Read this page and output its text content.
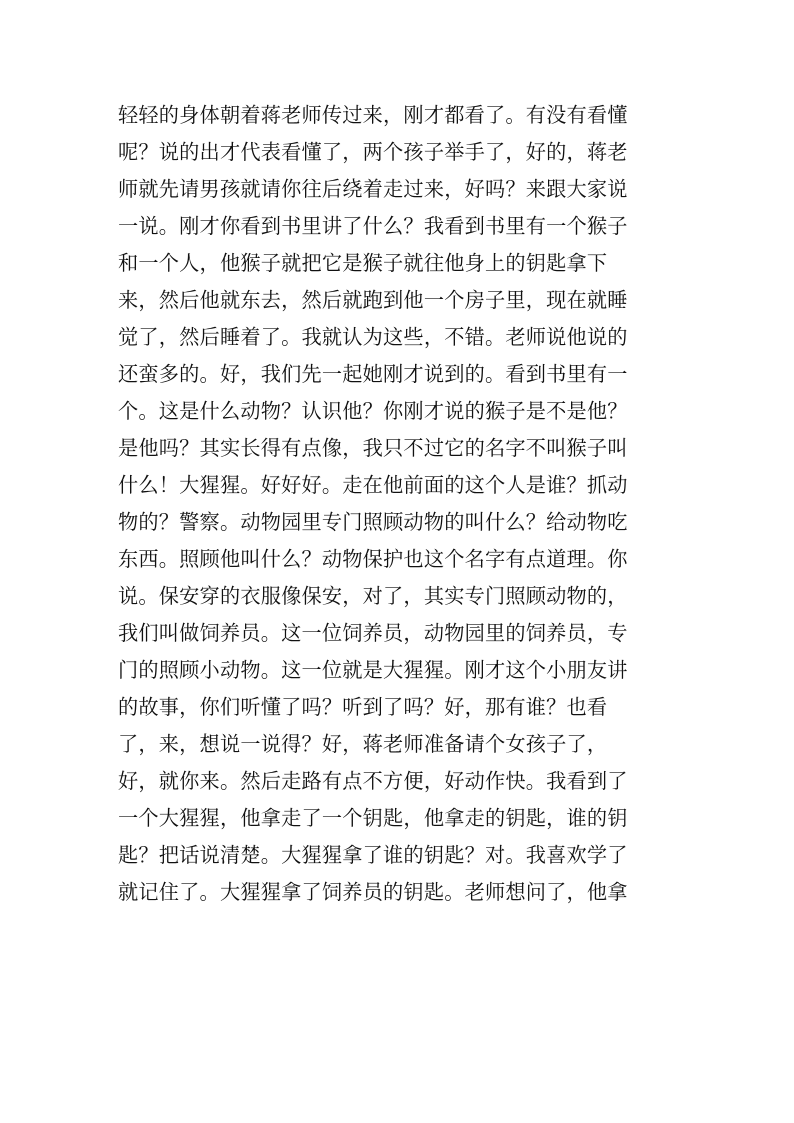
轻轻的身体朝着蒋老师传过来，刚才都看了。有没有看懂
呢？说的出才代表看懂了，两个孩子举手了，好的，蒋老
师就先请男孩就请你往后绕着走过来，好吗？来跟大家说
一说。刚才你看到书里讲了什么？我看到书里有一个猴子
和一个人，他猴子就把它是猴子就往他身上的钥匙拿下
来，然后他就东去，然后就跑到他一个房子里，现在就睡
觉了，然后睡着了。我就认为这些，不错。老师说他说的
还蛮多的。好，我们先一起她刚才说到的。看到书里有一
个。这是什么动物？认识他？你刚才说的猴子是不是他？
是他吗？其实长得有点像，我只不过它的名字不叫猴子叫
什么！大猩猩。好好好。走在他前面的这个人是谁？抓动
物的？警察。动物园里专门照顾动物的叫什么？给动物吃
东西。照顾他叫什么？动物保护也这个名字有点道理。你
说。保安穿的衣服像保安，对了，其实专门照顾动物的，
我们叫做饲养员。这一位饲养员，动物园里的饲养员，专
门的照顾小动物。这一位就是大猩猩。刚才这个小朋友讲
的故事，你们听懂了吗？听到了吗？好，那有谁？也看
了，来，想说一说得？好，蒋老师准备请个女孩子了，
好，就你来。然后走路有点不方便，好动作快。我看到了
一个大猩猩，他拿走了一个钥匙，他拿走的钥匙，谁的钥
匙？把话说清楚。大猩猩拿了谁的钥匙？对。我喜欢学了
就记住了。大猩猩拿了饲养员的钥匙。老师想问了，他拿
